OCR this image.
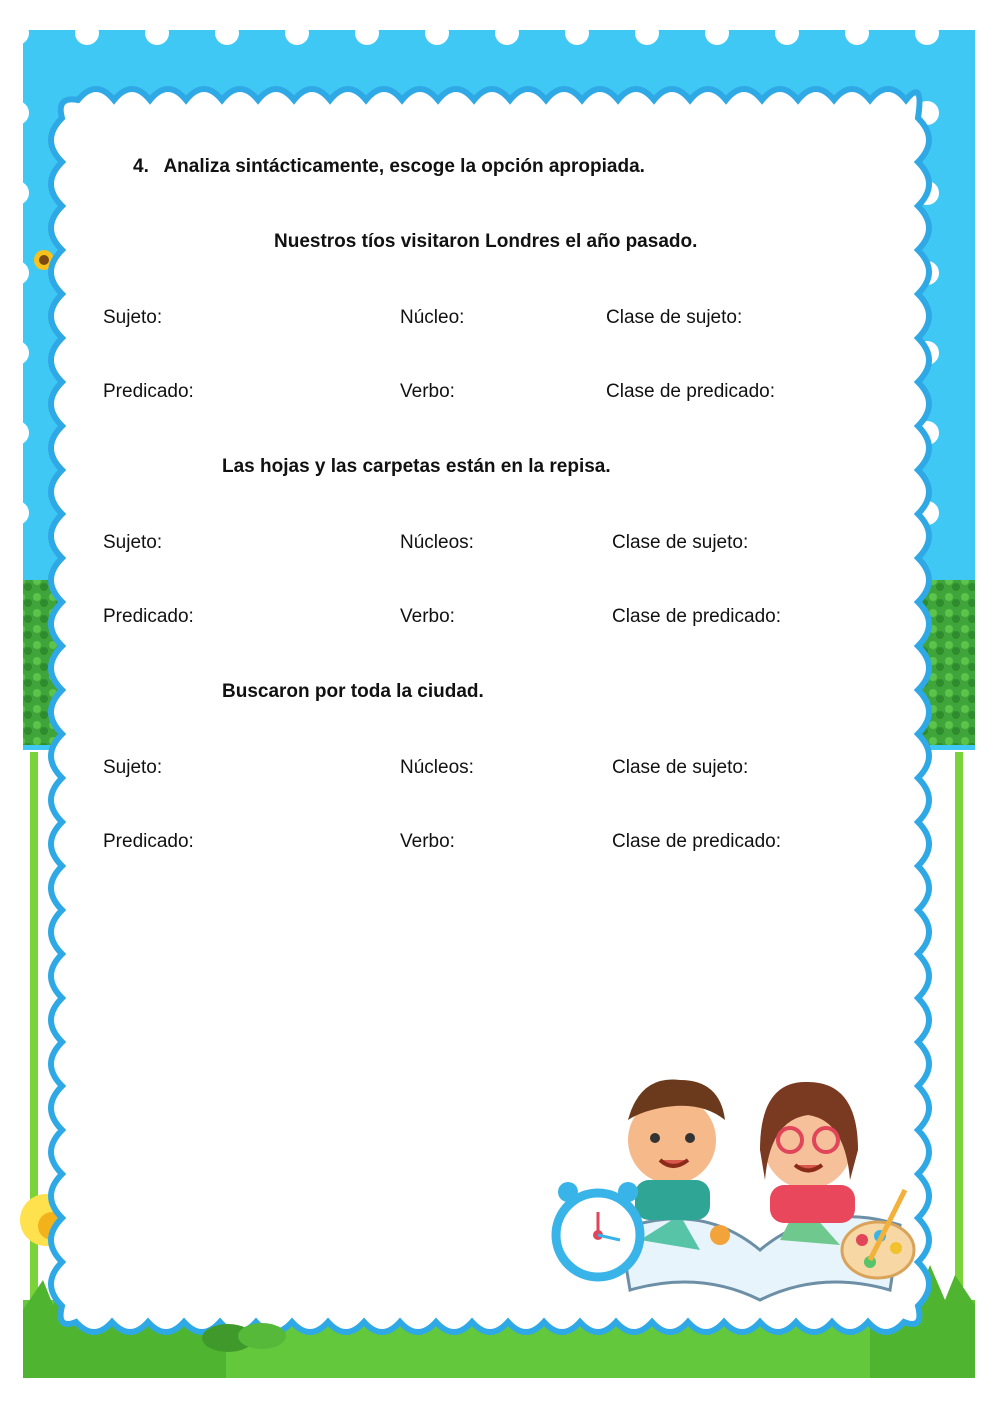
4. Analiza sintácticamente, escoge la opción apropiada.
Nuestros tíos visitaron Londres el año pasado.
Sujeto:	Núcleo:	Clase de sujeto:
Predicado:	Verbo:	Clase de predicado:
Las hojas y las carpetas están en la repisa.
Sujeto:	Núcleos:	Clase de sujeto:
Predicado:	Verbo:	Clase de predicado:
Buscaron por toda la ciudad.
Sujeto:	Núcleos:	Clase de sujeto:
Predicado:	Verbo:	Clase de predicado:
